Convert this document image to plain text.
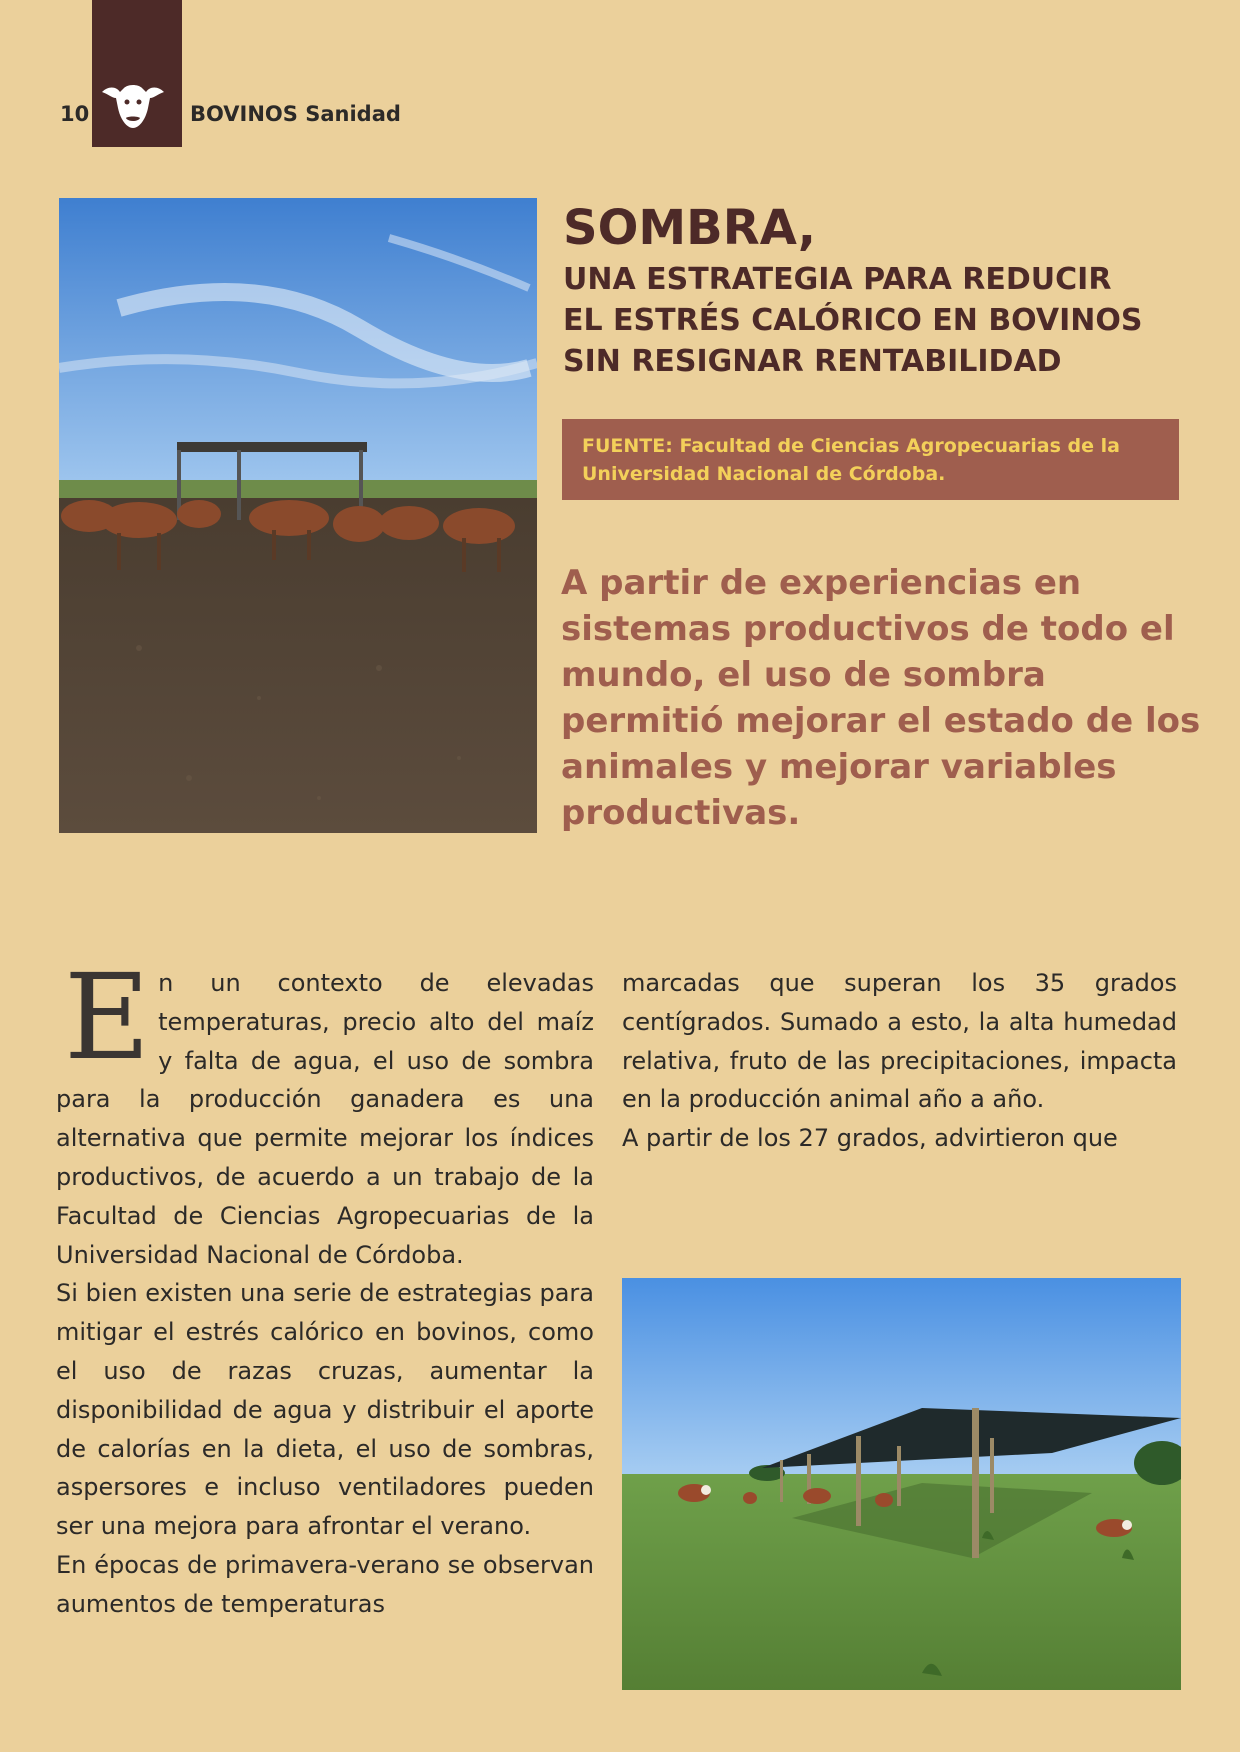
10	BOVINOS Sanidad
SOMBRA,
UNA ESTRATEGIA PARA REDUCIR
EL ESTRÉS CALÓRICO EN BOVINOS
SIN RESIGNAR RENTABILIDAD
FUENTE: Facultad de Ciencias Agropecuarias de la
Universidad Nacional de Córdoba.
A partir de experiencias en
sistemas productivos de todo el
mundo, el uso de sombra
permitió mejorar el estado de los
animales y mejorar variables
productivas.

En un contexto de elevadas temperaturas, precio alto del maíz y falta de agua, el uso de sombra para la producción ganadera es una alternativa que permite mejorar los índices productivos, de acuerdo a un trabajo de la Facultad de Ciencias Agropecuarias de la Universidad Nacional de Córdoba.

Si bien existen una serie de estrategias para mitigar el estrés calórico en bovinos, como el uso de razas cruzas, aumentar la disponibilidad de agua y distribuir el aporte de calorías en la dieta, el uso de sombras, aspersores e incluso ventiladores pueden ser una mejora para afrontar el verano.

En épocas de primavera-verano se observan aumentos de temperaturas

marcadas que superan los 35 grados centígrados. Sumado a esto, la alta humedad relativa, fruto de las precipitaciones, impacta en la producción animal año a año.

A partir de los 27 grados, advirtieron que
